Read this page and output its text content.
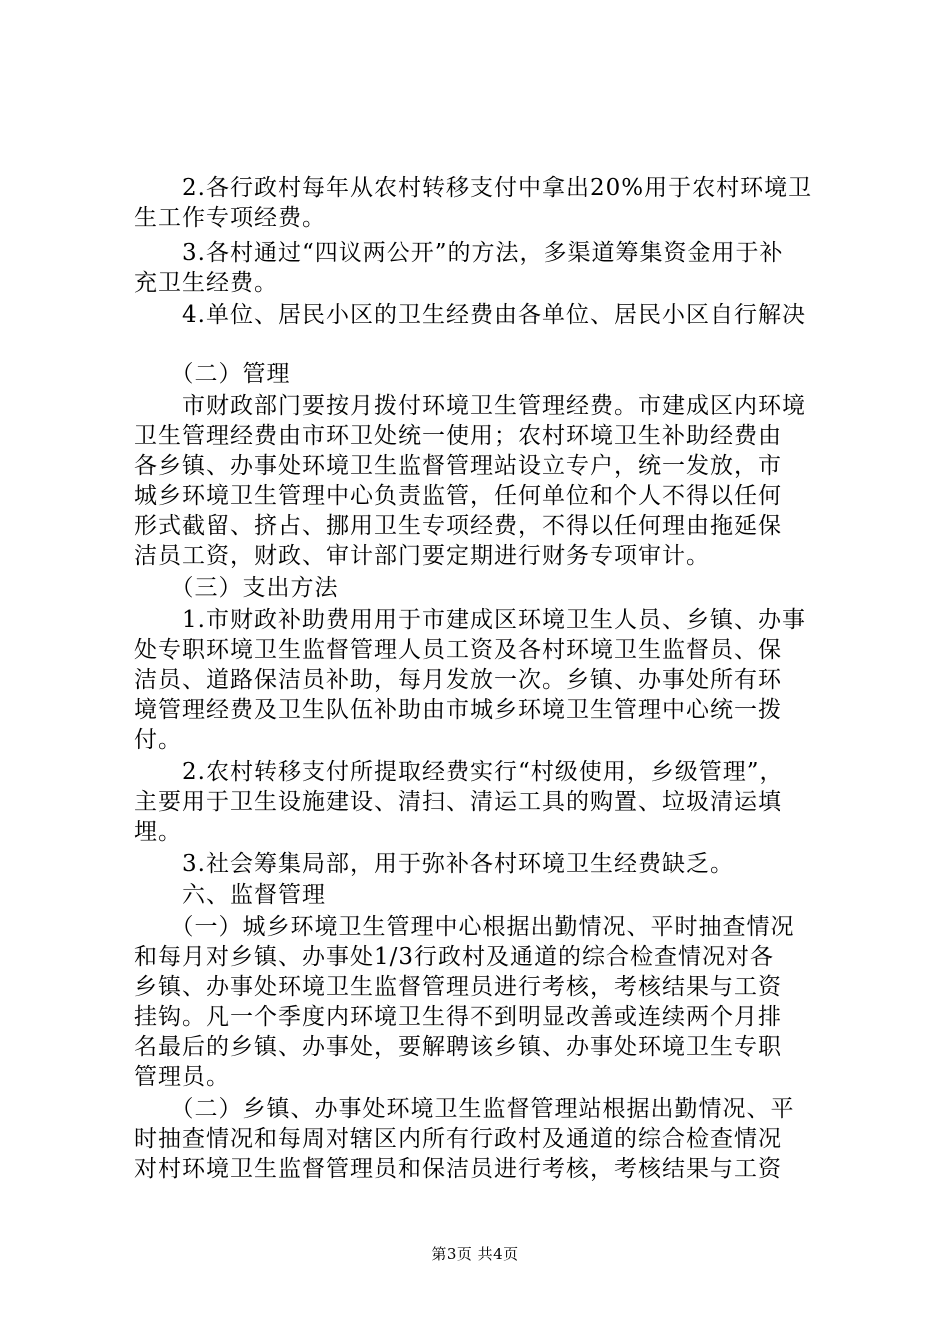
　　2.各行政村每年从农村转移支付中拿出20%用于农村环境卫
生工作专项经费。
　　3.各村通过“四议两公开”的方法，多渠道筹集资金用于补
充卫生经费。
　　4.单位、居民小区的卫生经费由各单位、居民小区自行解决
　　（二）管理
　　市财政部门要按月拨付环境卫生管理经费。市建成区内环境
卫生管理经费由市环卫处统一使用；农村环境卫生补助经费由
各乡镇、办事处环境卫生监督管理站设立专户，统一发放，市
城乡环境卫生管理中心负责监管，任何单位和个人不得以任何
形式截留、挤占、挪用卫生专项经费，不得以任何理由拖延保
洁员工资，财政、审计部门要定期进行财务专项审计。
　　（三）支出方法
　　1.市财政补助费用用于市建成区环境卫生人员、乡镇、办事
处专职环境卫生监督管理人员工资及各村环境卫生监督员、保
洁员、道路保洁员补助，每月发放一次。乡镇、办事处所有环
境管理经费及卫生队伍补助由市城乡环境卫生管理中心统一拨
付。
　　2.农村转移支付所提取经费实行“村级使用，乡级管理”，
主要用于卫生设施建设、清扫、清运工具的购置、垃圾清运填
埋。
　　3.社会筹集局部，用于弥补各村环境卫生经费缺乏。
　　六、监督管理
　　（一）城乡环境卫生管理中心根据出勤情况、平时抽查情况
和每月对乡镇、办事处1/3行政村及通道的综合检查情况对各
乡镇、办事处环境卫生监督管理员进行考核，考核结果与工资
挂钩。凡一个季度内环境卫生得不到明显改善或连续两个月排
名最后的乡镇、办事处，要解聘该乡镇、办事处环境卫生专职
管理员。
　　（二）乡镇、办事处环境卫生监督管理站根据出勤情况、平
时抽查情况和每周对辖区内所有行政村及通道的综合检查情况
对村环境卫生监督管理员和保洁员进行考核，考核结果与工资
第3页 共4页
